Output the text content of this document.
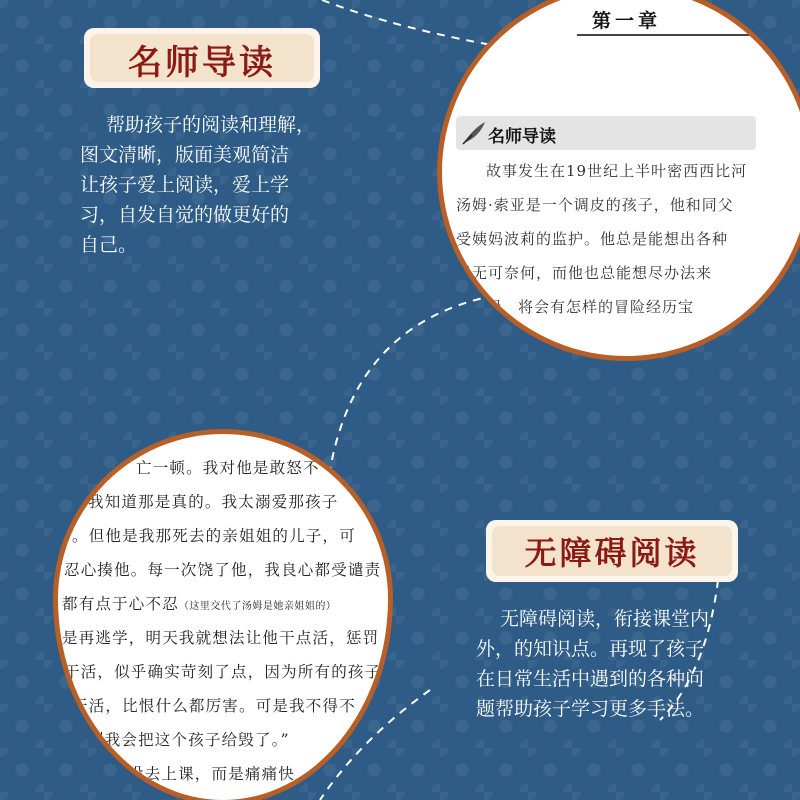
名师导读
帮助孩子的阅读和理解，
图文清晰，版面美观简洁
让孩子爱上阅读，爱上学
习，自发自觉的做更好的
自己。
第一章
名师导读
故事发生在19世纪上半叶密西西比河
汤姆·索亚是一个调皮的孩子，他和同父
受姨妈波莉的监护。他总是能想出各种
妈无可奈何，而他也总能想尽办法来
姆，将会有怎样的冒险经历宝
亡一顿。我对他是敢怒不
我知道那是真的。我太溺爱那孩子
。但他是我那死去的亲姐姐的儿子，可
忍心揍他。每一次饶了他，我良心都受谴责
都有点于心不忍（这里交代了汤姆是她亲姐姐的）
是再逃学，明天我就想法让他干点活，惩罚
干活，似乎确实苛刻了点，因为所有的孩子
干活，比恨什么都厉害。可是我不得不
则我会把这个孩子给毁了。”
没去上课，而是痛痛快
无障碍阅读
无障碍阅读，衔接课堂内
外，的知识点。再现了孩子
在日常生活中遇到的各种问
题帮助孩子学习更多手法。
